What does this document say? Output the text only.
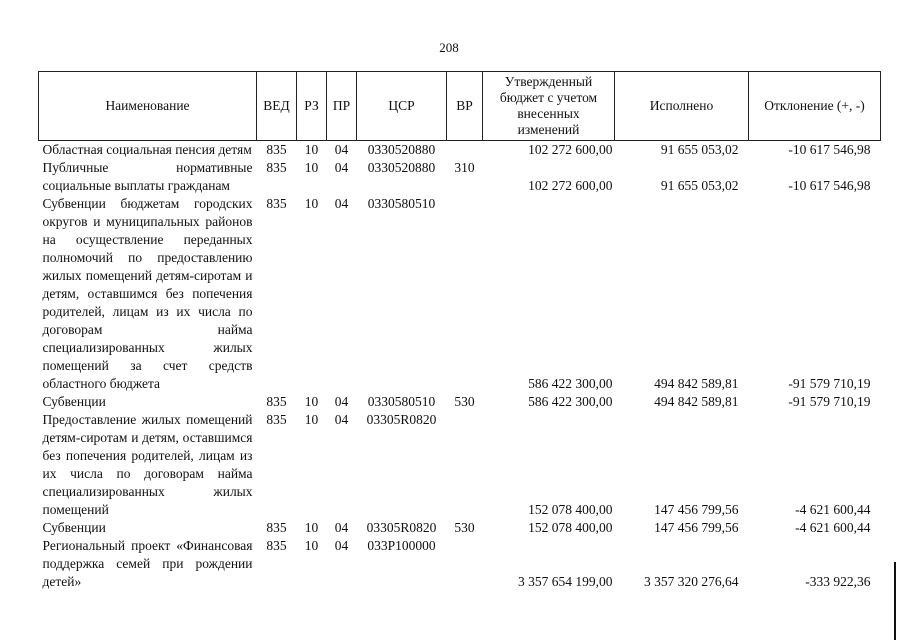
208
Наименование	ВЕД	РЗ	ПР	ЦСР	ВР	Утвержденный бюджет с учетом внесенных изменений	Исполнено	Отклонение (+, -)
Областная социальная пенсия детям	835	10	04	0330520880		102 272 600,00	91 655 053,02	-10 617 546,98
Публичные нормативные социальные выплаты гражданам	835	10	04	0330520880	310	102 272 600,00	91 655 053,02	-10 617 546,98
Субвенции бюджетам городских округов и муниципальных районов на осуществление переданных полномочий по предоставлению жилых помещений детям-сиротам и детям, оставшимся без попечения родителей, лицам из их числа по договорам найма специализированных жилых помещений за счет средств областного бюджета	835	10	04	0330580510		586 422 300,00	494 842 589,81	-91 579 710,19
Субвенции	835	10	04	0330580510	530	586 422 300,00	494 842 589,81	-91 579 710,19
Предоставление жилых помещений детям-сиротам и детям, оставшимся без попечения родителей, лицам из их числа по договорам найма специализированных жилых помещений	835	10	04	03305R0820		152 078 400,00	147 456 799,56	-4 621 600,44
Субвенции	835	10	04	03305R0820	530	152 078 400,00	147 456 799,56	-4 621 600,44
Региональный проект «Финансовая поддержка семей при рождении детей»	835	10	04	033P100000		3 357 654 199,00	3 357 320 276,64	-333 922,36
